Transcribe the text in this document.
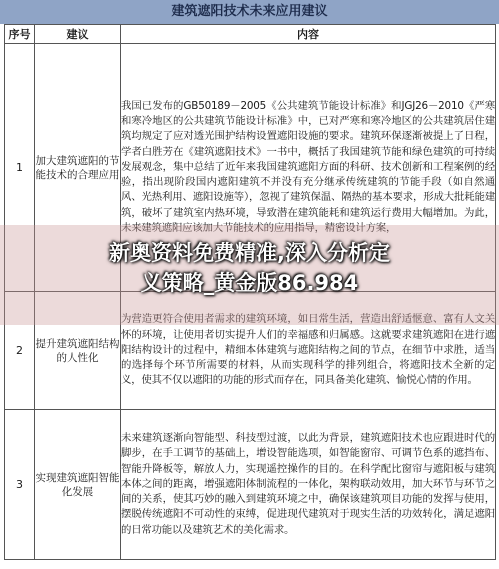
建筑遮阳技术未来应用建议
序号	建议	内容
1	加大建筑遮阳的节能技术的合理应用	我国已发布的GB50189－2005《公共建筑节能设计标准》和JGJ26－2010《严寒和寒冷地区的公共建筑节能设计标准》中，已对严寒和寒冷地区的公共建筑居住建筑均规定了应对透光围护结构设置遮阳设施的要求。建筑环保逐渐被提上了日程，学者白胜芳在《建筑遮阳技术》一书中，概括了我国建筑节能和绿色建筑的可持续发展观念，集中总结了近年来我国建筑遮阳方面的科研、技术创新和工程案例的经验，指出现阶段国内遮阳建筑不并没有充分继承传统建筑的节能手段（如自然通风、光热利用、遮阳设施等），忽视了建筑保温、隔热的基本要求，形成大批耗能建筑，破坏了建筑室内热环境，导致潜在建筑能耗和建筑运行费用大幅增加。为此，未来建筑遮阳应该加大节能技术的应用指导，精密设计方案，
2	提升建筑遮阳结构的人性化	为营造更符合使用者需求的建筑环境，如日常生活，营造出舒适惬意、富有人文关怀的环境，让使用者切实提升人们的幸福感和归属感。这就要求建筑遮阳在进行遮阳结构设计的过程中，精细本体建筑与遮阳结构之间的节点，在细节中求胜，适当的选择每个环节所需要的材料，从而实现科学的排列组合，将遮阳技术全新的定义，使其不仅以遮阳的功能的形式而存在，同具备美化建筑、愉悦心情的作用。
3	实现建筑遮阳智能化发展	未来建筑逐渐向智能型、科技型过渡，以此为背景，建筑遮阳技术也应跟进时代的脚步，在手工调节的基础上，增设智能选项，如智能窗帘、可调节色系的遮挡布、智能升降板等，解放人力，实现遥控操作的目的。在科学配比窗帘与遮阳板与建筑本体之间的距离，增强遮阳体制流程的一体化，架构联动效用，加大环节与环节之间的关系，使其巧妙的融入到建筑环境之中，确保该建筑项目功能的发挥与使用，摆脱传统遮阳不可动性的束缚，促进现代建筑对于现实生活的功效转化，满足遮阳的日常功能以及建筑艺术的美化需求。
新奥资料免费精准,深入分析定
义策略_黄金版86.984
